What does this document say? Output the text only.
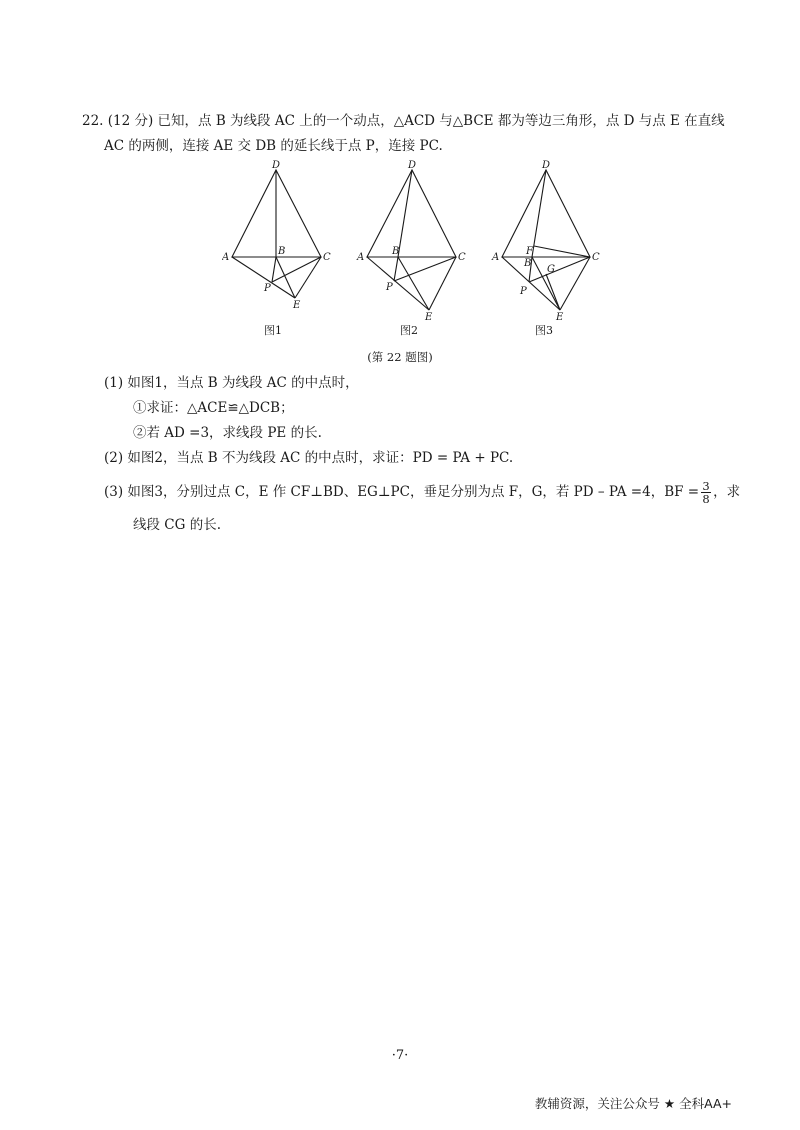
22. (12 分) 已知，点 B 为线段 AC 上的一个动点，△ACD 与△BCE 都为等边三角形，点 D 与点 E 在直线
AC 的两侧，连接 AE 交 DB 的延长线于点 P，连接 PC.
D
A
B
C
P
E
D
A
B
C
P
E
D
A
F
B
G
C
P
E
图1	图2	图3
(第 22 题图)
(1) 如图1，当点 B 为线段 AC 的中点时，
①求证：△ACE≌△DCB；
②若 AD =3，求线段 PE 的长.
(2) 如图2，当点 B 不为线段 AC 的中点时，求证：PD = PA + PC.
(3) 如图3，分别过点 C，E 作 CF⊥BD、EG⊥PC，垂足分别为点 F，G，若 PD – PA =4，BF = $\frac{3}{8}$ ，求
线段 CG 的长.
·7·
教辅资源，关注公众号 ★ 全科AA+
